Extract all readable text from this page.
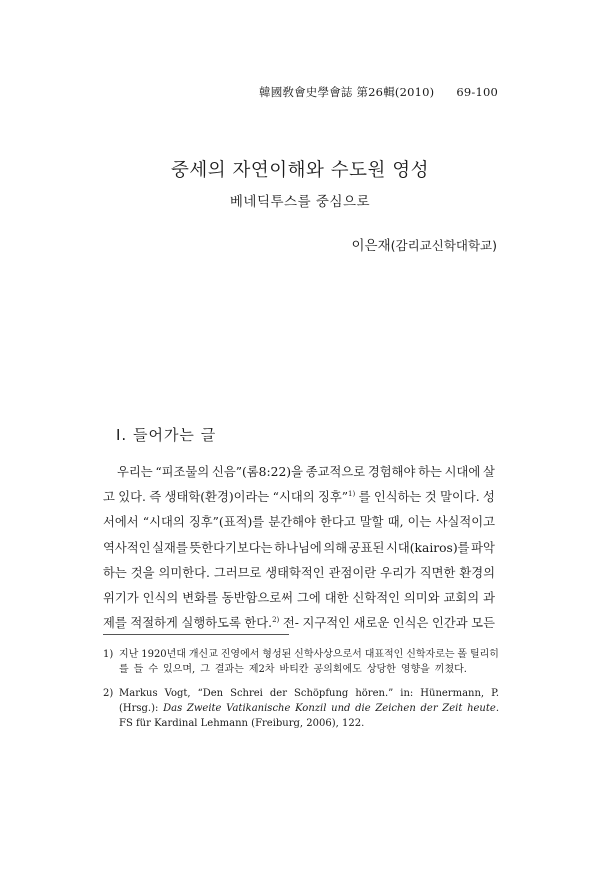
韓國敎會史學會誌 第26輯(2010) 69-100
중세의 자연이해와 수도원 영성
베네딕투스를 중심으로
이은재(감리교신학대학교)
I. 들어가는 글
우리는 “피조물의 신음”(롬8:22)을 종교적으로 경험해야 하는 시대에 살
고 있다. 즉 생태학(환경)이라는 “시대의 징후”$^{1)}$ 를 인식하는 것 말이다. 성
서에서 “시대의 징후”(표적)를 분간해야 한다고 말할 때, 이는 사실적이고
역사적인 실재를 뜻한다기보다는 하나님에 의해 공표된 시대(kairos)를 파악
하는 것을 의미한다. 그러므로 생태학적인 관점이란 우리가 직면한 환경의
위기가 인식의 변화를 동반함으로써 그에 대한 신학적인 의미와 교회의 과
제를 적절하게 실행하도록 한다.$^{2)}$ 전- 지구적인 새로운 인식은 인간과 모든
1) 지난 1920년대 개신교 진영에서 형성된 신학사상으로서 대표적인 신학자로는 폴 틸리히
를 들 수 있으며, 그 결과는 제2차 바티칸 공의회에도 상당한 영향을 끼쳤다.
2) Markus Vogt, “Den Schrei der Schöpfung hören.” in: Hünermann, P. (Hrsg.): Das Zweite Vatikanische Konzil und die Zeichen der Zeit heute. FS für Kardinal Lehmann (Freiburg, 2006), 122.
